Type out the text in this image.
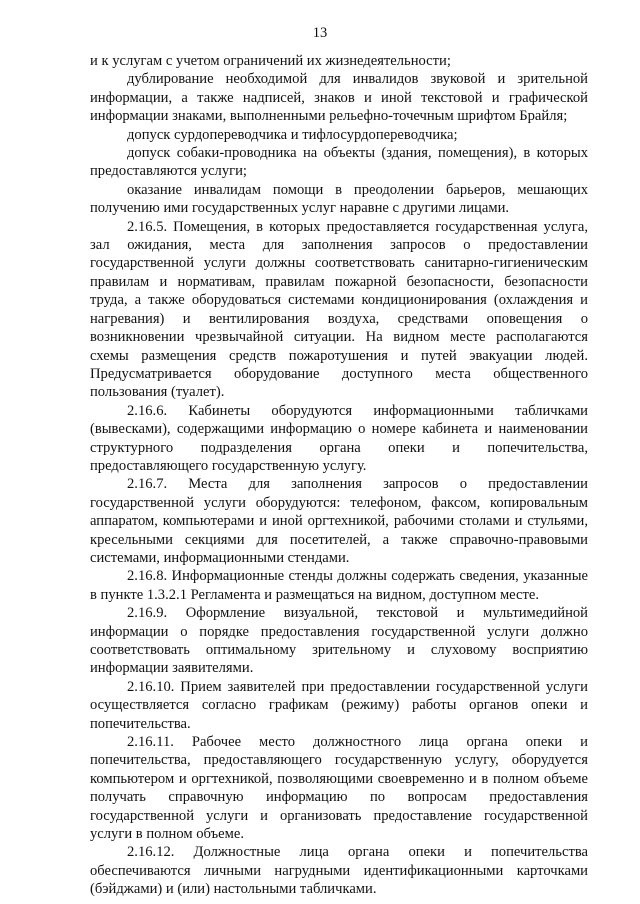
13

и к услугам с учетом ограничений их жизнедеятельности;

дублирование необходимой для инвалидов звуковой и зрительной информации, а также надписей, знаков и иной текстовой и графической информации знаками, выполненными рельефно-точечным шрифтом Брайля;

допуск сурдопереводчика и тифлосурдопереводчика;

допуск собаки-проводника на объекты (здания, помещения), в которых предоставляются услуги;

оказание инвалидам помощи в преодолении барьеров, мешающих получению ими государственных услуг наравне с другими лицами.

2.16.5. Помещения, в которых предоставляется государственная услуга, зал ожидания, места для заполнения запросов о предоставлении государственной услуги должны соответствовать санитарно-гигиеническим правилам и нормативам, правилам пожарной безопасности, безопасности труда, а также оборудоваться системами кондиционирования (охлаждения и нагревания) и вентилирования воздуха, средствами оповещения о возникновении чрезвычайной ситуации. На видном месте располагаются схемы размещения средств пожаротушения и путей эвакуации людей. Предусматривается оборудование доступного места общественного пользования (туалет).

2.16.6. Кабинеты оборудуются информационными табличками (вывесками), содержащими информацию о номере кабинета и наименовании структурного подразделения органа опеки и попечительства, предоставляющего государственную услугу.

2.16.7. Места для заполнения запросов о предоставлении государственной услуги оборудуются: телефоном, факсом, копировальным аппаратом, компьютерами и иной оргтехникой, рабочими столами и стульями, кресельными секциями для посетителей, а также справочно-правовыми системами, информационными стендами.

2.16.8. Информационные стенды должны содержать сведения, указанные в пункте 1.3.2.1 Регламента и размещаться на видном, доступном месте.

2.16.9. Оформление визуальной, текстовой и мультимедийной информации о порядке предоставления государственной услуги должно соответствовать оптимальному зрительному и слуховому восприятию информации заявителями.

2.16.10. Прием заявителей при предоставлении государственной услуги осуществляется согласно графикам (режиму) работы органов опеки и попечительства.

2.16.11. Рабочее место должностного лица органа опеки и попечительства, предоставляющего государственную услугу, оборудуется компьютером и оргтехникой, позволяющими своевременно и в полном объеме получать справочную информацию по вопросам предоставления государственной услуги и организовать предоставление государственной услуги в полном объеме.

2.16.12. Должностные лица органа опеки и попечительства обеспечиваются личными нагрудными идентификационными карточками (бэйджами) и (или) настольными табличками.
